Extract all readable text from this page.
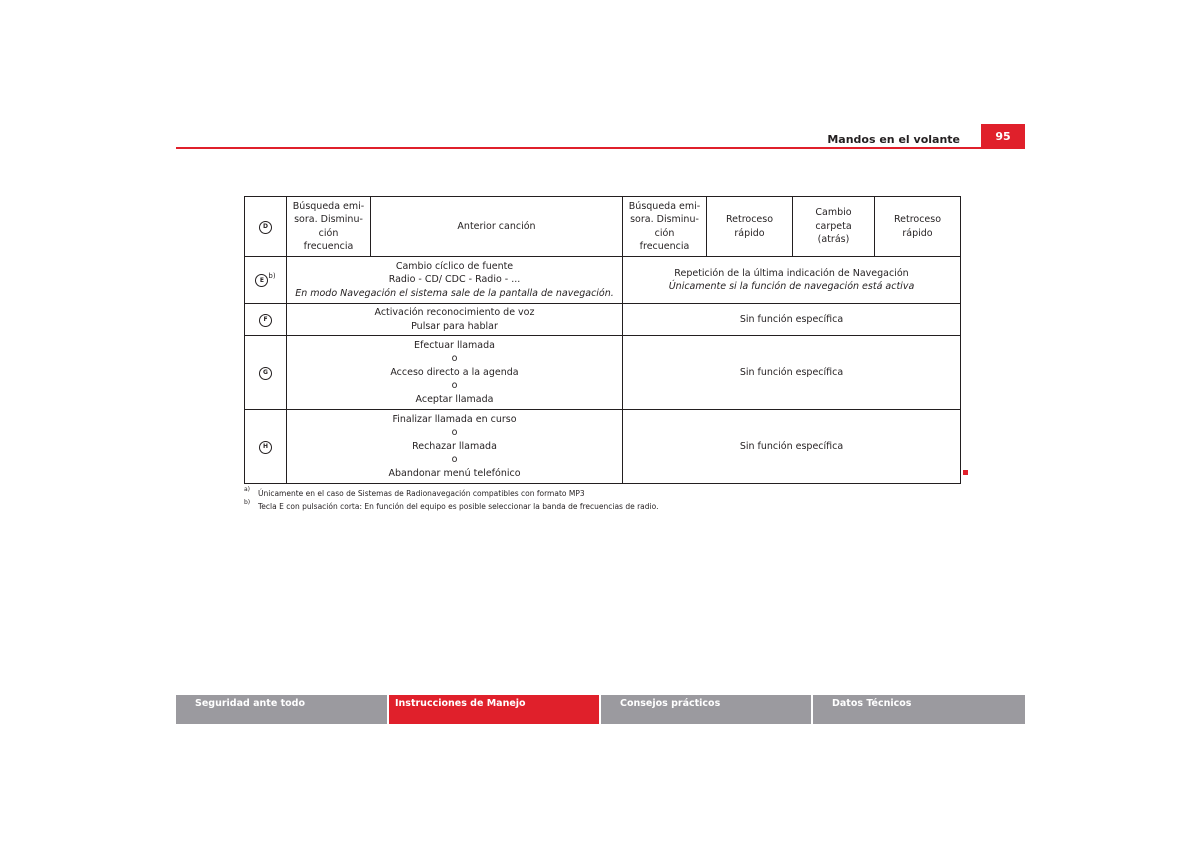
Mandos en el volante	95
D	Búsqueda emi-
sora. Disminu-
ción
frecuencia	Anterior canción	Búsqueda emi-
sora. Disminu-
ción
frecuencia	Retroceso rápido	Cambio carpeta
(atrás)	Retroceso rápido
$E^{b)}$	Cambio cíclico de fuente
Radio - CD/ CDC - Radio - ...
En modo Navegación el sistema sale de la pantalla de navegación.		Repetición de la última indicación de Navegación
Únicamente si la función de navegación está activa			
F	Activación reconocimiento de voz
Pulsar para hablar		Sin función específica			
G	Efectuar llamada
o
Acceso directo a la agenda
o
Aceptar llamada		Sin función específica			
H	Finalizar llamada en curso
o
Rechazar llamada
o
Abandonar menú telefónico		Sin función específica			
a) Únicamente en el caso de Sistemas de Radionavegación compatibles con formato MP3
b) Tecla E con pulsación corta: En función del equipo es posible seleccionar la banda de frecuencias de radio.
Seguridad ante todo	Instrucciones de Manejo	Consejos prácticos	Datos Técnicos
